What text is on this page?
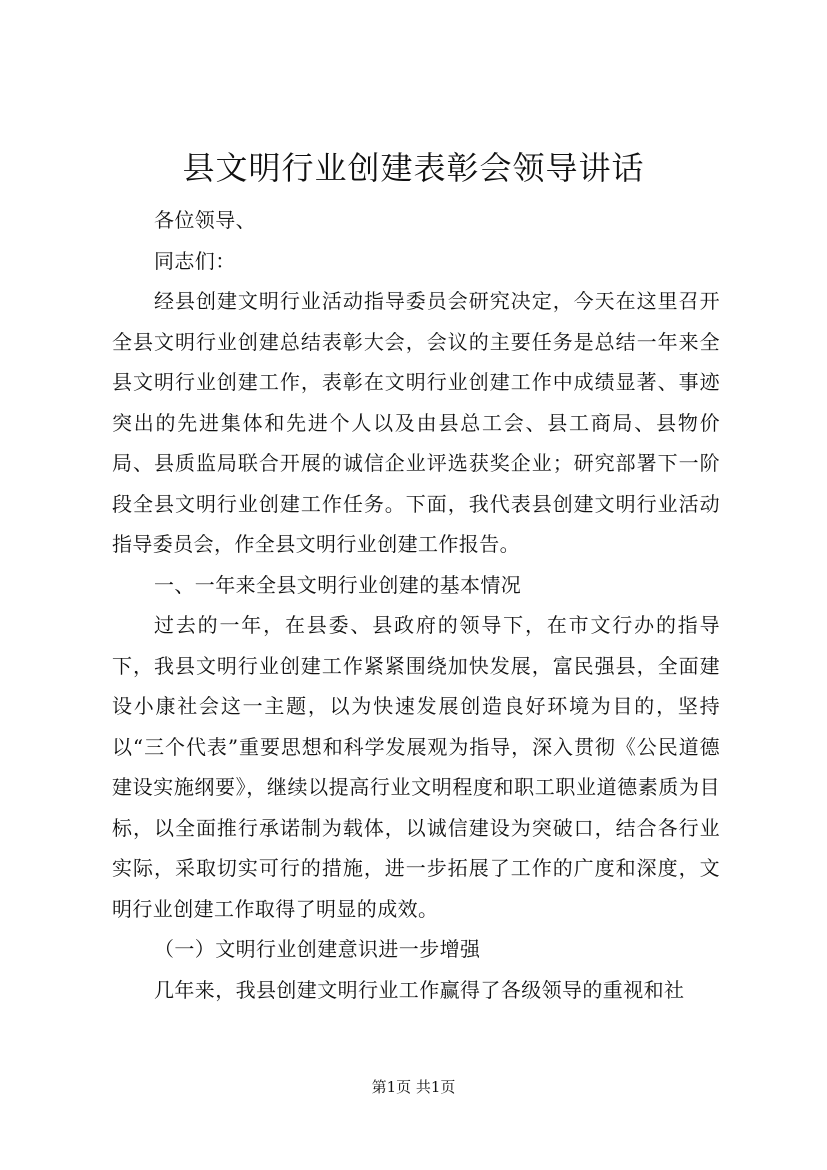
县文明行业创建表彰会领导讲话

各位领导、

同志们：

经县创建文明行业活动指导委员会研究决定，今天在这里召开全县文明行业创建总结表彰大会，会议的主要任务是总结一年来全县文明行业创建工作，表彰在文明行业创建工作中成绩显著、事迹突出的先进集体和先进个人以及由县总工会、县工商局、县物价局、县质监局联合开展的诚信企业评选获奖企业；研究部署下一阶段全县文明行业创建工作任务。下面，我代表县创建文明行业活动指导委员会，作全县文明行业创建工作报告。

一、一年来全县文明行业创建的基本情况

过去的一年，在县委、县政府的领导下，在市文行办的指导下，我县文明行业创建工作紧紧围绕加快发展，富民强县，全面建设小康社会这一主题，以为快速发展创造良好环境为目的，坚持以“三个代表”重要思想和科学发展观为指导，深入贯彻《公民道德建设实施纲要》，继续以提高行业文明程度和职工职业道德素质为目标，以全面推行承诺制为载体，以诚信建设为突破口，结合各行业实际，采取切实可行的措施，进一步拓展了工作的广度和深度，文明行业创建工作取得了明显的成效。

（一）文明行业创建意识进一步增强

几年来，我县创建文明行业工作赢得了各级领导的重视和社

第1页 共1页
